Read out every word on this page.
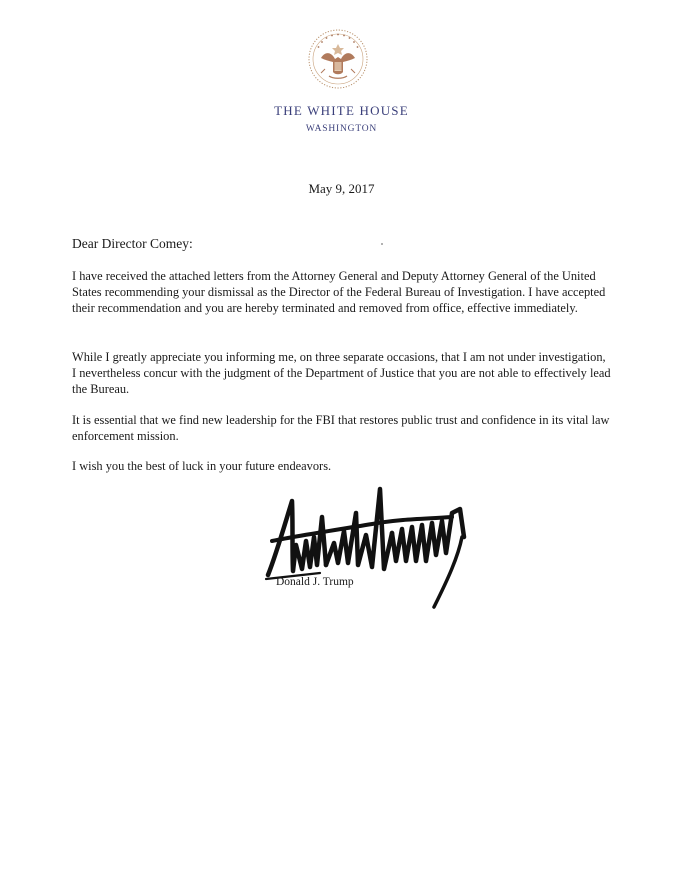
THE WHITE HOUSE
WASHINGTON
May 9, 2017
Dear Director Comey:

I have received the attached letters from the Attorney General and Deputy Attorney General of the United States recommending your dismissal as the Director of the Federal Bureau of Investigation. I have accepted their recommendation and you are hereby terminated and removed from office, effective immediately.

While I greatly appreciate you informing me, on three separate occasions, that I am not under investigation, I nevertheless concur with the judgment of the Department of Justice that you are not able to effectively lead the Bureau.

It is essential that we find new leadership for the FBI that restores public trust and confidence in its vital law enforcement mission.

I wish you the best of luck in your future endeavors.

Donald J. Trump
